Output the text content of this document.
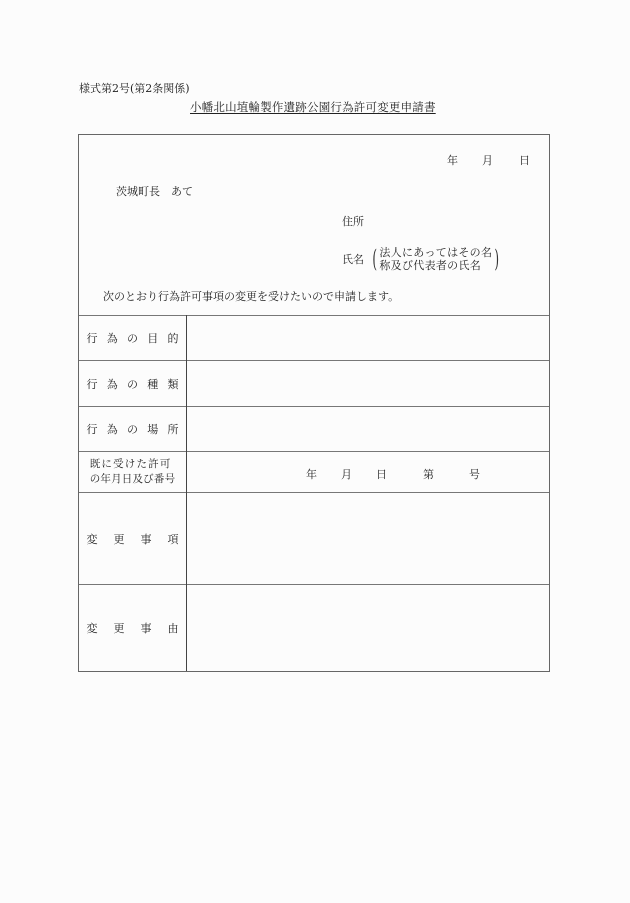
様式第2号(第2条関係)
小幡北山埴輪製作遺跡公園行為許可変更申請書
年 月 日
茨城町長　あて
住所
氏名 ( 法人にあってはその名
称及び代表者の氏名 )
次のとおり行為許可事項の変更を受けたいので申請します。
行 為 の 目 的
行 為 の 種 類
行 為 の 場 所
既に受けた許可
の年月日及び番号	年 月 日	第	号
変 更 事 項
変 更 事 由
